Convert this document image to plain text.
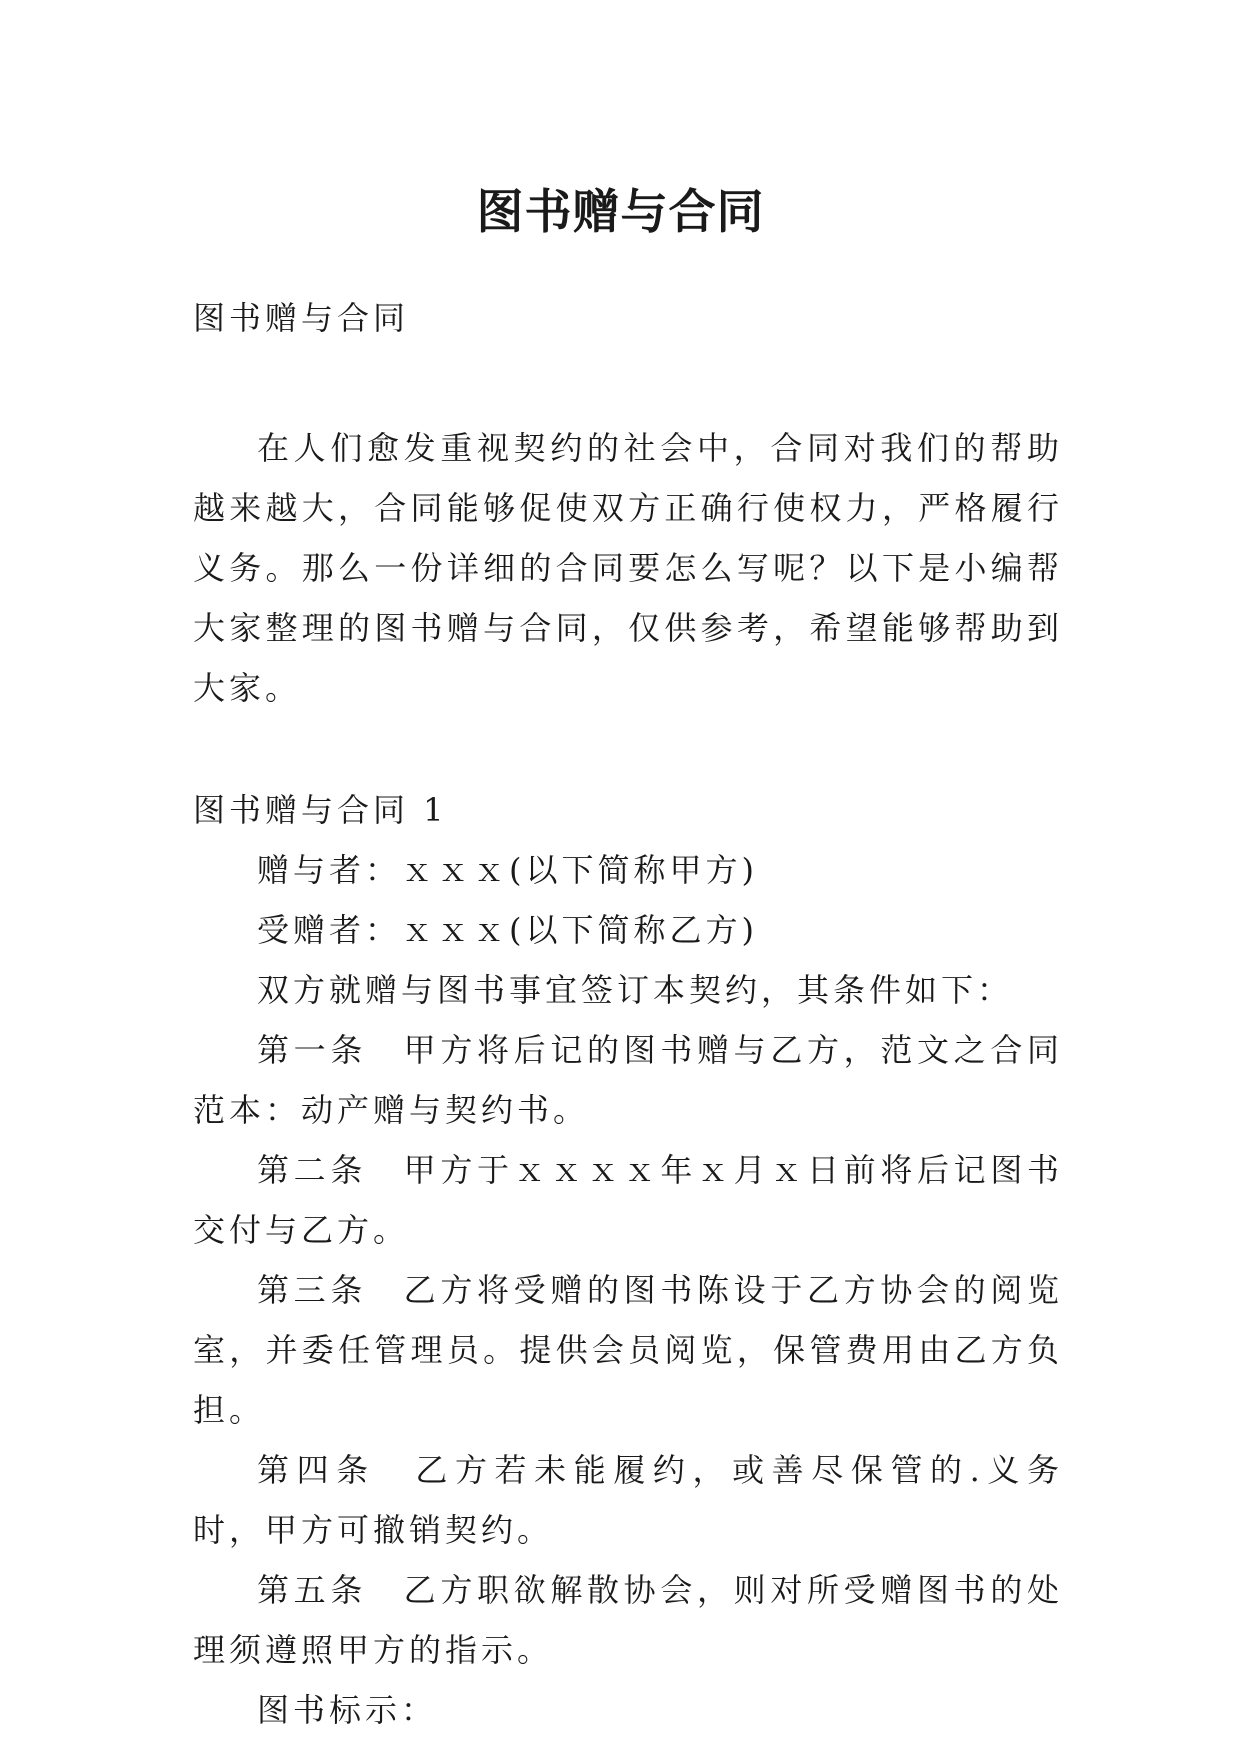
图书赠与合同

图书赠与合同

在人们愈发重视契约的社会中，合同对我们的帮助越来越大，合同能够促使双方正确行使权力，严格履行义务。那么一份详细的合同要怎么写呢？以下是小编帮大家整理的图书赠与合同，仅供参考，希望能够帮助到大家。

图书赠与合同 1

赠与者：ｘｘｘ(以下简称甲方)

受赠者：ｘｘｘ(以下简称乙方)

双方就赠与图书事宜签订本契约，其条件如下：

第一条　甲方将后记的图书赠与乙方，范文之合同范本：动产赠与契约书。

第二条　甲方于ｘｘｘｘ年ｘ月ｘ日前将后记图书交付与乙方。

第三条　乙方将受赠的图书陈设于乙方协会的阅览室，并委任管理员。提供会员阅览，保管费用由乙方负担。

第四条　乙方若未能履约，或善尽保管的.义务时，甲方可撤销契约。

第五条　乙方职欲解散协会，则对所受赠图书的处理须遵照甲方的指示。

图书标示：
